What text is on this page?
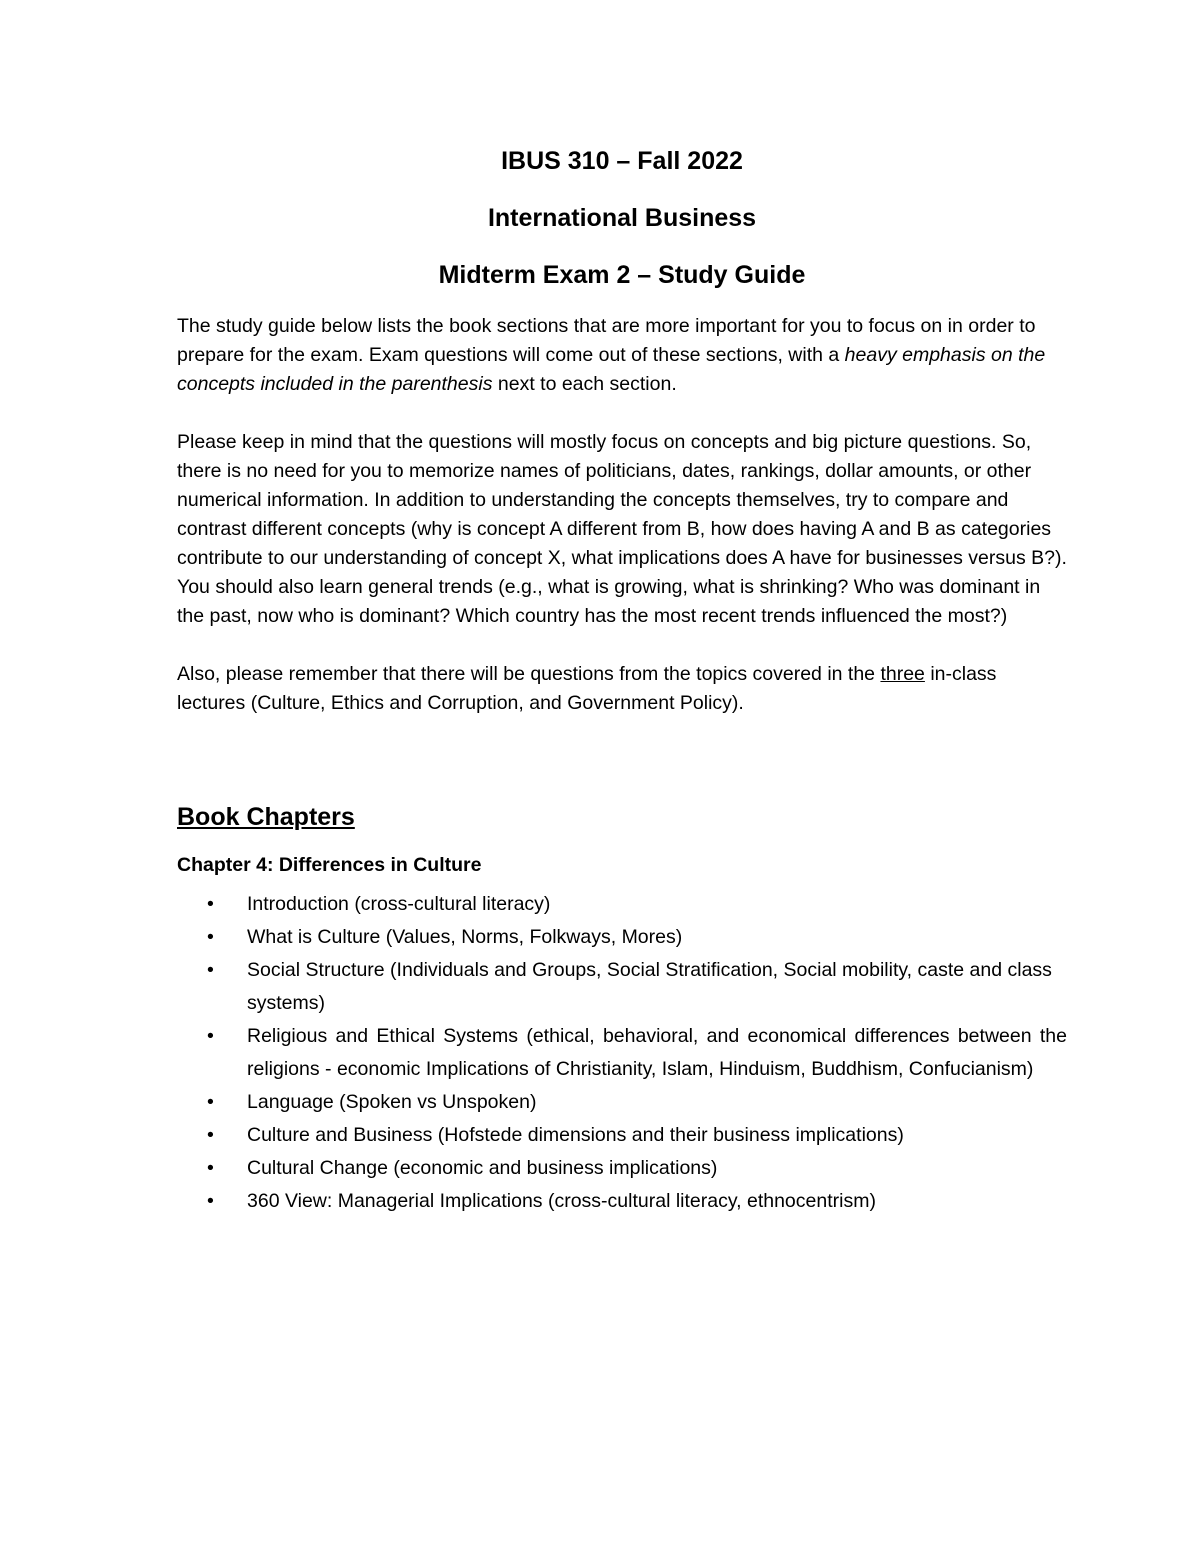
IBUS 310 – Fall 2022
International Business
Midterm Exam 2 – Study Guide

The study guide below lists the book sections that are more important for you to focus on in order to prepare for the exam. Exam questions will come out of these sections, with a heavy emphasis on the concepts included in the parenthesis next to each section.

Please keep in mind that the questions will mostly focus on concepts and big picture questions. So, there is no need for you to memorize names of politicians, dates, rankings, dollar amounts, or other numerical information. In addition to understanding the concepts themselves, try to compare and contrast different concepts (why is concept A different from B, how does having A and B as categories contribute to our understanding of concept X, what implications does A have for businesses versus B?). You should also learn general trends (e.g., what is growing, what is shrinking? Who was dominant in the past, now who is dominant? Which country has the most recent trends influenced the most?)

Also, please remember that there will be questions from the topics covered in the three in-class lectures (Culture, Ethics and Corruption, and Government Policy).

Book Chapters
Chapter 4: Differences in Culture
• Introduction (cross-cultural literacy)
• What is Culture (Values, Norms, Folkways, Mores)
• Social Structure (Individuals and Groups, Social Stratification, Social mobility, caste and class systems)
• Religious and Ethical Systems (ethical, behavioral, and economical differences between the religions - economic Implications of Christianity, Islam, Hinduism, Buddhism, Confucianism)
• Language (Spoken vs Unspoken)
• Culture and Business (Hofstede dimensions and their business implications)
• Cultural Change (economic and business implications)
• 360 View: Managerial Implications (cross-cultural literacy, ethnocentrism)
